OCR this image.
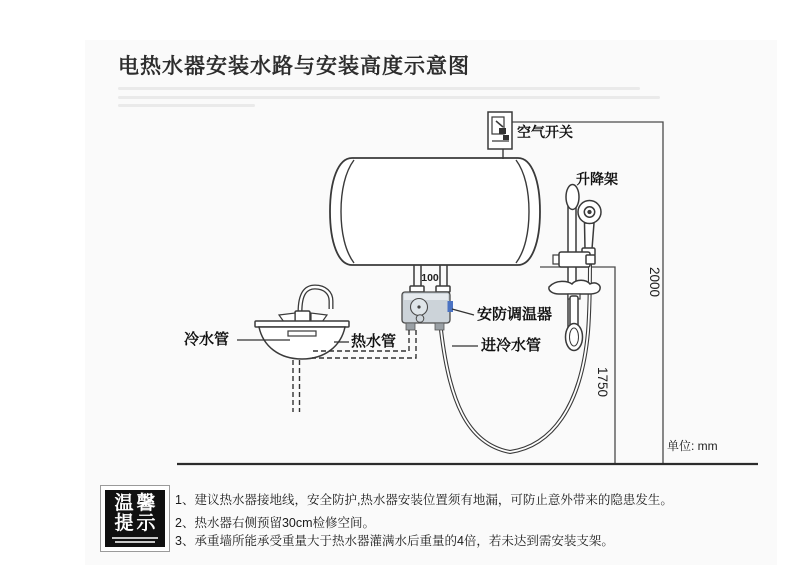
电热水器安装水路与安装高度示意图
空气开关
升降架
安防调温器
进冷水管
冷水管	热水管
2000
1750
100
单位: mm
温馨
提示
1、建议热水器接地线，安全防护,热水器安装位置须有地漏，可防止意外带来的隐患发生。
2、热水器右侧预留30cm检修空间。
3、承重墙所能承受重量大于热水器灌满水后重量的4倍，若未达到需安装支架。
